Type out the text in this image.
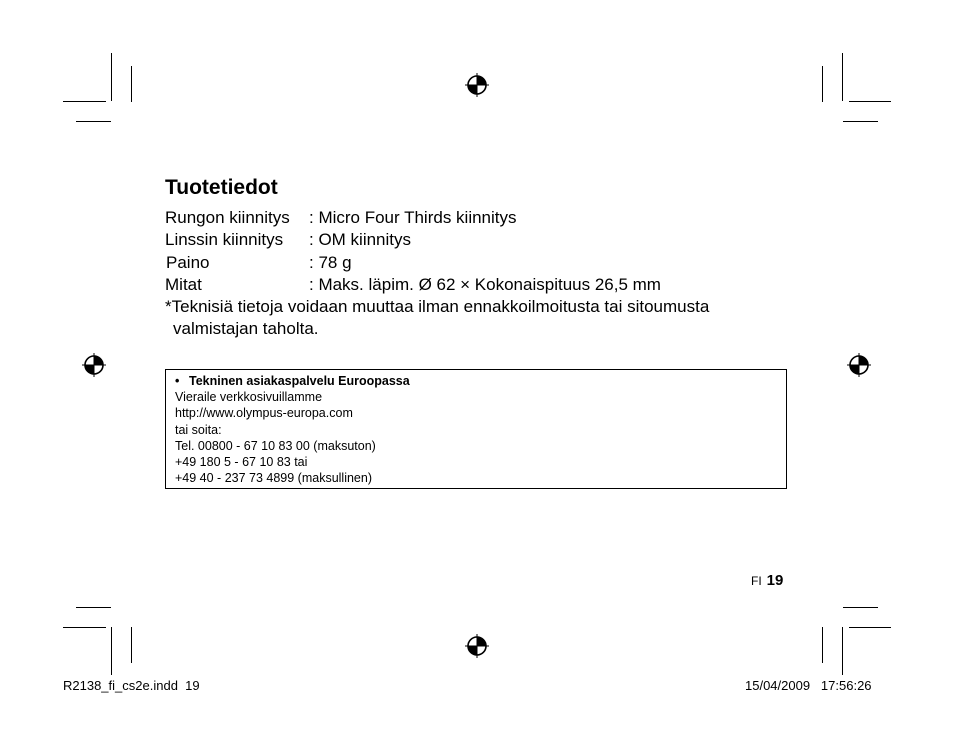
Tuotetiedot
Rungon kiinnitys : Micro Four Thirds kiinnitys
Linssin kiinnitys : OM kiinnitys
Paino	: 78 g
Mitat	: Maks. läpim. Ø 62 × Kokonaispituus 26,5 mm
*Teknisiä tietoja voidaan muuttaa ilman ennakkoilmoitusta tai sitoumusta
valmistajan taholta.
• Tekninen asiakaspalvelu Euroopassa
Vieraile verkkosivuillamme
http://www.olympus-europa.com
tai soita:
Tel. 00800 - 67 10 83 00 (maksuton)
+49 180 5 - 67 10 83 tai
+49 40 - 237 73 4899 (maksullinen)
FI 19
R2138_fi_cs2e.indd 19	15/04/2009 17:56:26
